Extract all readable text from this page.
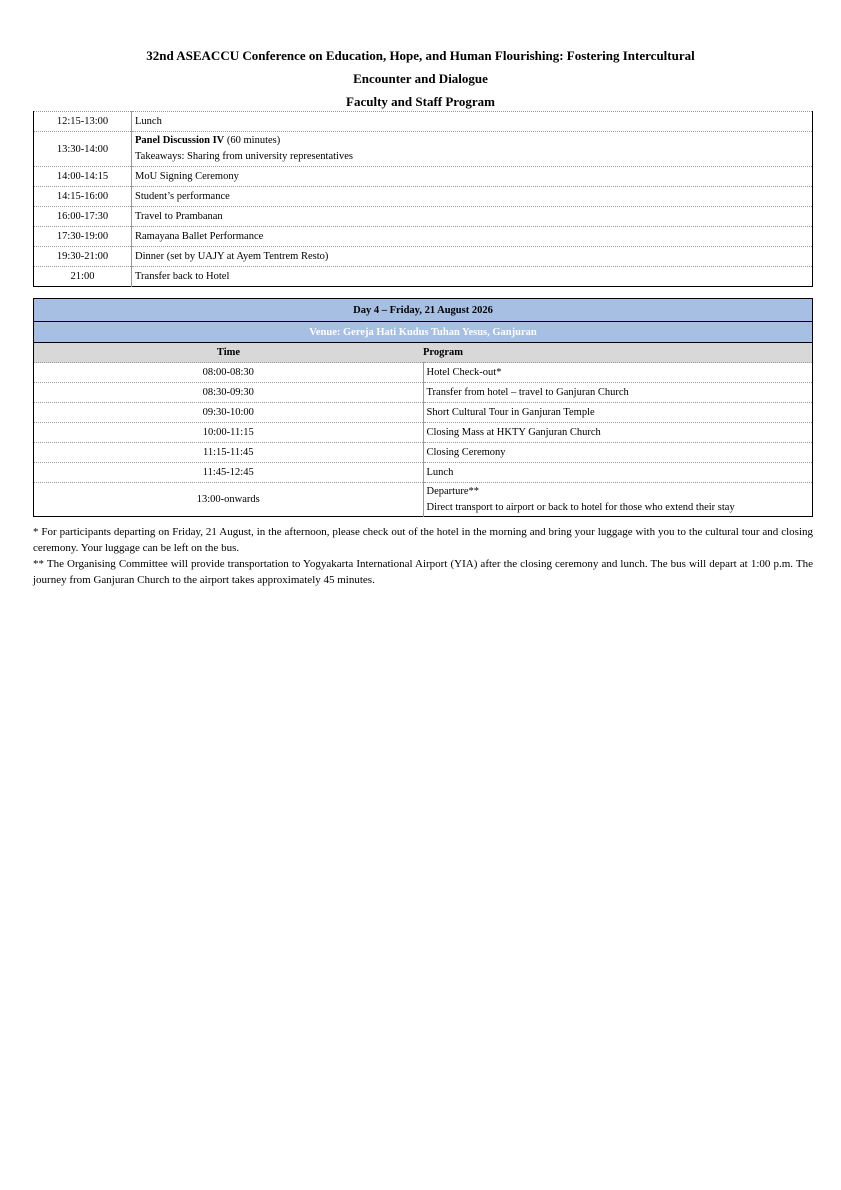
32nd ASEACCU Conference on Education, Hope, and Human Flourishing: Fostering Intercultural
Encounter and Dialogue
Faculty and Staff Program
12:15-13:00	Lunch
13:30-14:00	Panel Discussion IV (60 minutes)
Takeaways: Sharing from university representatives

14:00-14:15	MoU Signing Ceremony
14:15-16:00	Student’s performance
16:00-17:30	Travel to Prambanan
17:30-19:00	Ramayana Ballet Performance
19:30-21:00	Dinner (set by UAJY at Ayem Tentrem Resto)
21:00	Transfer back to Hotel
Day 4 – Friday, 21 August 2026	
Venue: Gereja Hati Kudus Tuhan Yesus, Ganjuran	
Time	Program
08:00-08:30	Hotel Check-out*
08:30-09:30	Transfer from hotel – travel to Ganjuran Church
09:30-10:00	Short Cultural Tour in Ganjuran Temple
10:00-11:15	Closing Mass at HKTY Ganjuran Church
11:15-11:45	Closing Ceremony
11:45-12:45	Lunch
13:00-onwards	Departure**
Direct transport to airport or back to hotel for those who extend their stay

* For participants departing on Friday, 21 August, in the afternoon, please check out of the hotel in the morning and bring your luggage with you to the cultural tour and closing ceremony. Your luggage can be left on the bus.

** The Organising Committee will provide transportation to Yogyakarta International Airport (YIA) after the closing ceremony and lunch. The bus will depart at 1:00 p.m. The journey from Ganjuran Church to the airport takes approximately 45 minutes.
